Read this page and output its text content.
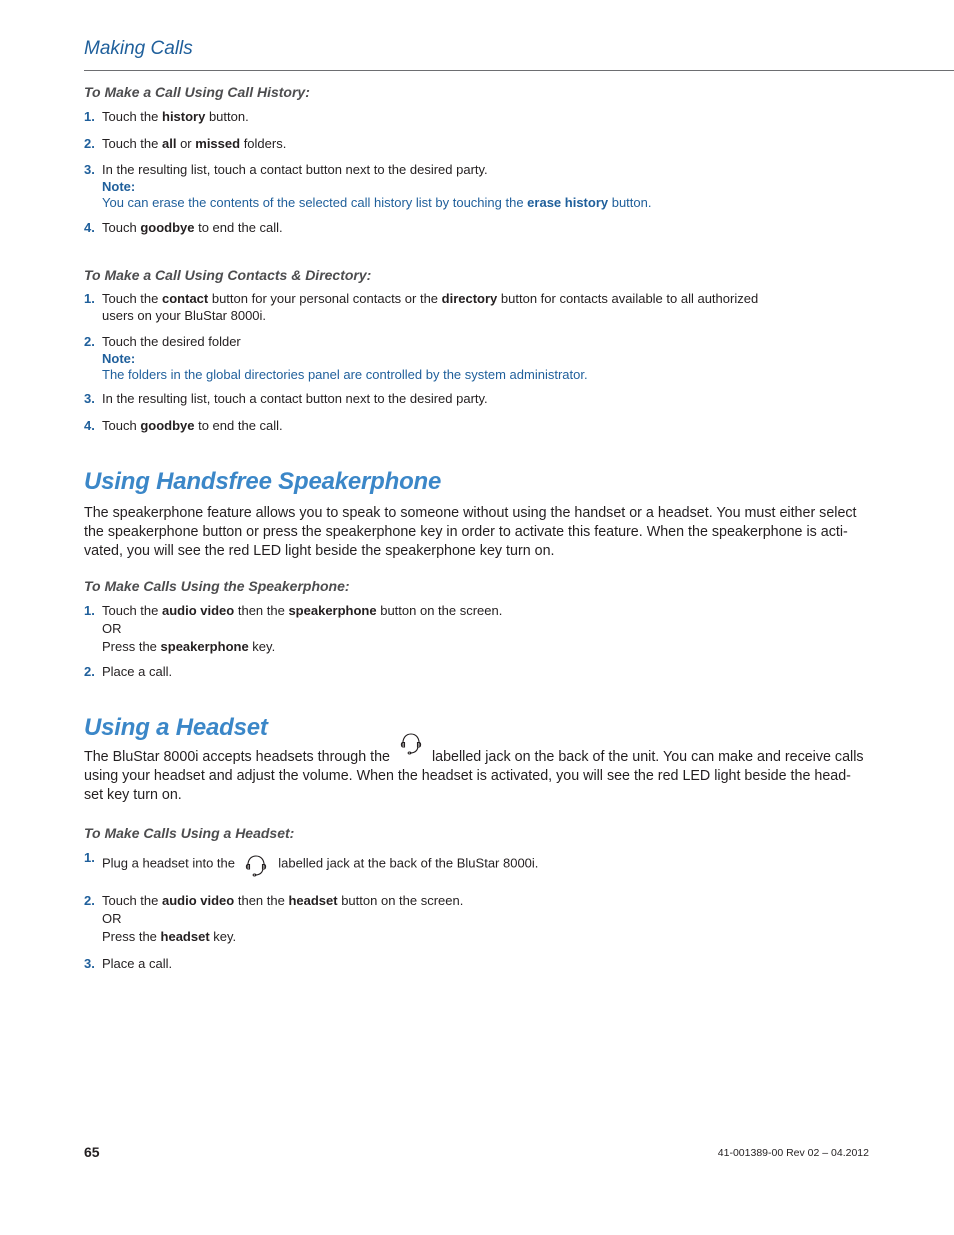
Making Calls
To Make a Call Using Call History:
1. Touch the history button.
2. Touch the all or missed folders.
3. In the resulting list, touch a contact button next to the desired party.
Note:
You can erase the contents of the selected call history list by touching the erase history button.
4. Touch goodbye to end the call.
To Make a Call Using Contacts & Directory:
1. Touch the contact button for your personal contacts or the directory button for contacts available to all authorized
users on your BluStar 8000i.
2. Touch the desired folder
Note:
The folders in the global directories panel are controlled by the system administrator.
3. In the resulting list, touch a contact button next to the desired party.
4. Touch goodbye to end the call.
Using Handsfree Speakerphone
The speakerphone feature allows you to speak to someone without using the handset or a headset. You must either select
the speakerphone button or press the speakerphone key in order to activate this feature. When the speakerphone is acti-
vated, you will see the red LED light beside the speakerphone key turn on.
To Make Calls Using the Speakerphone:
1. Touch the audio video then the speakerphone button on the screen.
OR
Press the speakerphone key.
2. Place a call.
Using a Headset
The BluStar 8000i accepts headsets through the	labelled jack on the back of the unit. You can make and receive calls
using your headset and adjust the volume. When the headset is activated, you will see the red LED light beside the head-
set key turn on.
To Make Calls Using a Headset:
1. Plug a headset into the	labelled jack at the back of the BluStar 8000i.
2. Touch the audio video then the headset button on the screen.
OR
Press the headset key.
3. Place a call.
65	41-001389-00 Rev 02 – 04.2012
